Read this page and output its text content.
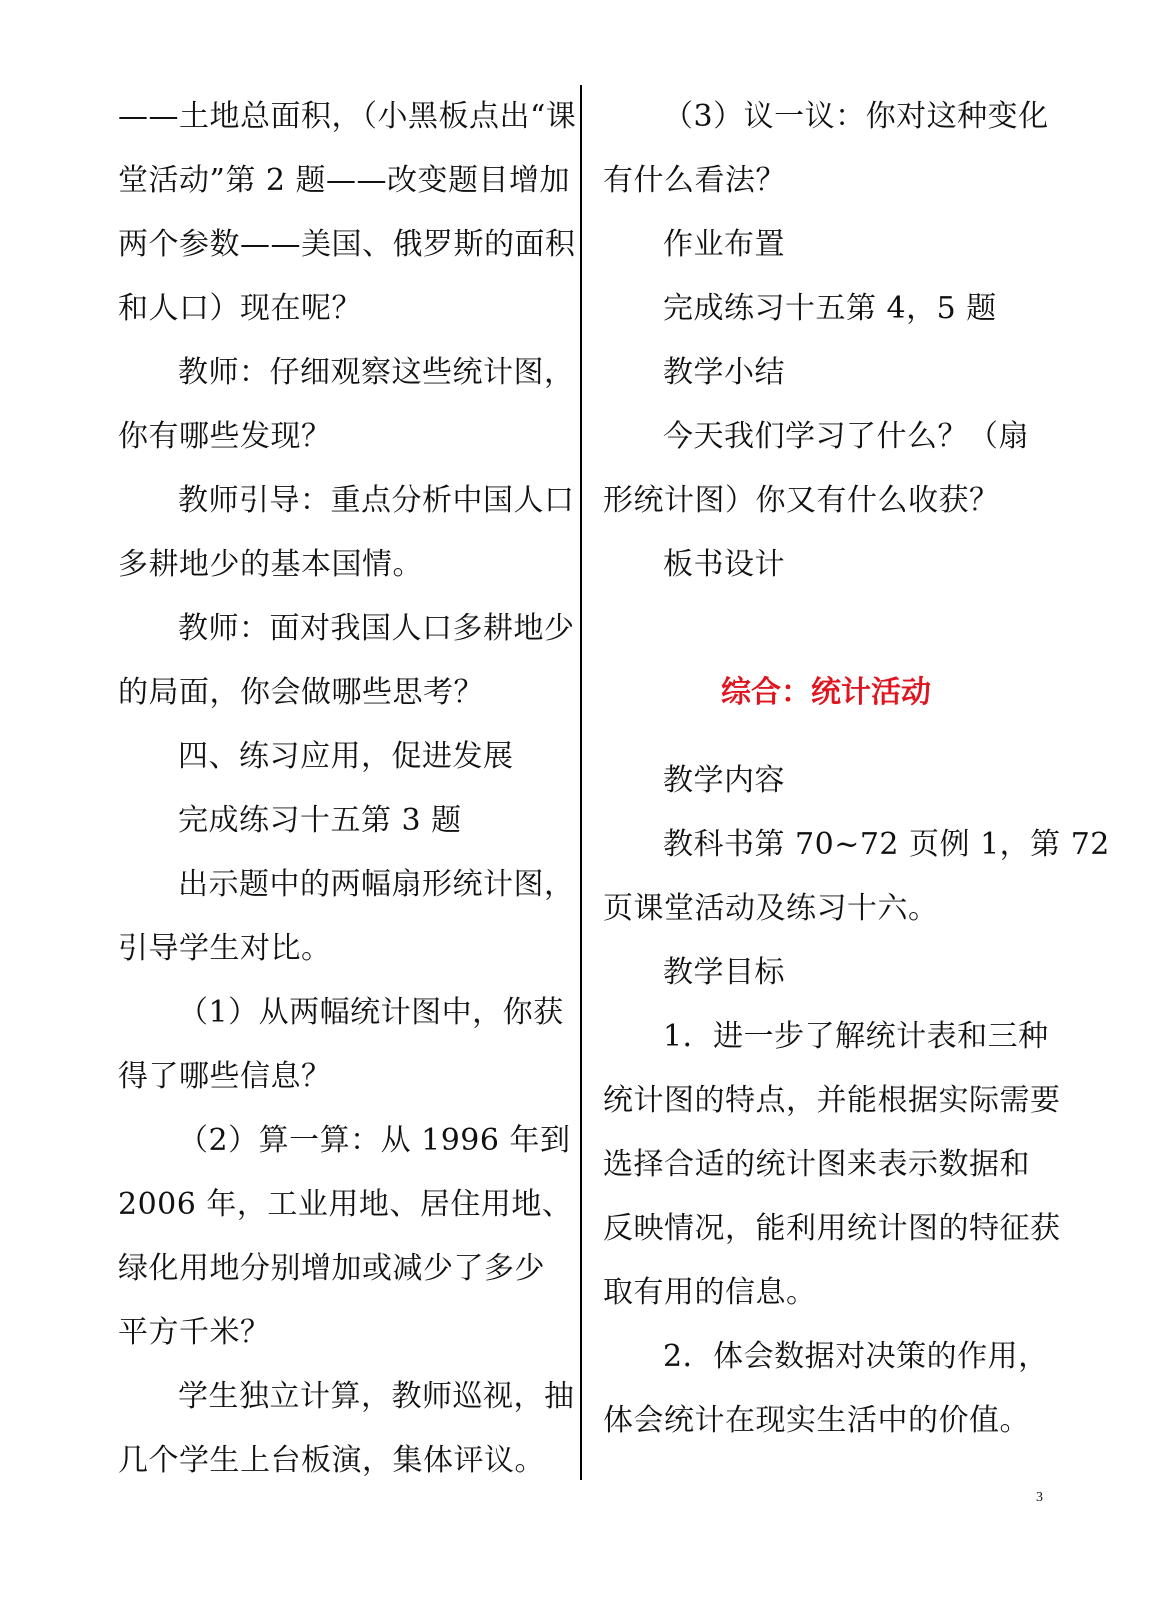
——土地总面积，（小黑板点出“课
堂活动”第 2 题——改变题目增加
两个参数——美国、俄罗斯的面积
和人口）现在呢？

教师：仔细观察这些统计图，
你有哪些发现？

教师引导：重点分析中国人口
多耕地少的基本国情。

教师：面对我国人口多耕地少
的局面，你会做哪些思考？

四、练习应用，促进发展

完成练习十五第 3 题

出示题中的两幅扇形统计图，
引导学生对比。

（1）从两幅统计图中，你获
得了哪些信息？

（2）算一算：从 1996 年到
2006 年，工业用地、居住用地、
绿化用地分别增加或减少了多少
平方千米？

学生独立计算，教师巡视，抽
几个学生上台板演，集体评议。

（3）议一议：你对这种变化
有什么看法？

作业布置

完成练习十五第 4，5 题

教学小结

今天我们学习了什么？（扇
形统计图）你又有什么收获？

板书设计

综合：统计活动

教学内容

教科书第 70~72 页例 1，第 72
页课堂活动及练习十六。

教学目标

1．进一步了解统计表和三种
统计图的特点，并能根据实际需要
选择合适的统计图来表示数据和
反映情况，能利用统计图的特征获
取有用的信息。

2．体会数据对决策的作用，
体会统计在现实生活中的价值。

3
